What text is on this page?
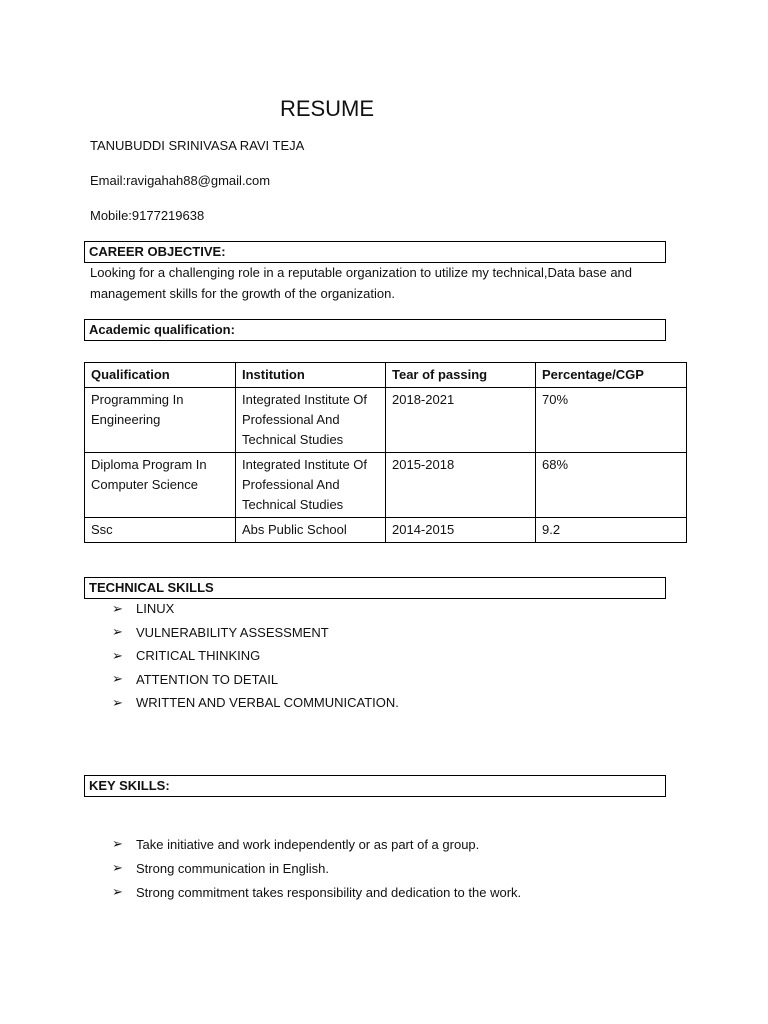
RESUME
TANUBUDDI SRINIVASA RAVI TEJA
Email:ravigahah88@gmail.com
Mobile:9177219638
CAREER OBJECTIVE:
Looking for a challenging role in a reputable organization to utilize my technical,Data base and management skills for the growth of the organization.
Academic qualification:
Qualification	Institution	Tear of passing	Percentage/CGP
Programming In Engineering	Integrated Institute Of Professional And Technical Studies	2018-2021	70%
Diploma Program In Computer Science	Integrated Institute Of Professional And Technical Studies	2015-2018	68%
Ssc	Abs Public School	2014-2015	9.2
TECHNICAL SKILLS
➢	LINUX
➢	VULNERABILITY ASSESSMENT
➢	CRITICAL THINKING
➢	ATTENTION TO DETAIL
➢	WRITTEN AND VERBAL COMMUNICATION.
KEY SKILLS:
➢	Take initiative and work independently or as part of a group.
➢	Strong communication in English.
➢	Strong commitment takes responsibility and dedication to the work.
